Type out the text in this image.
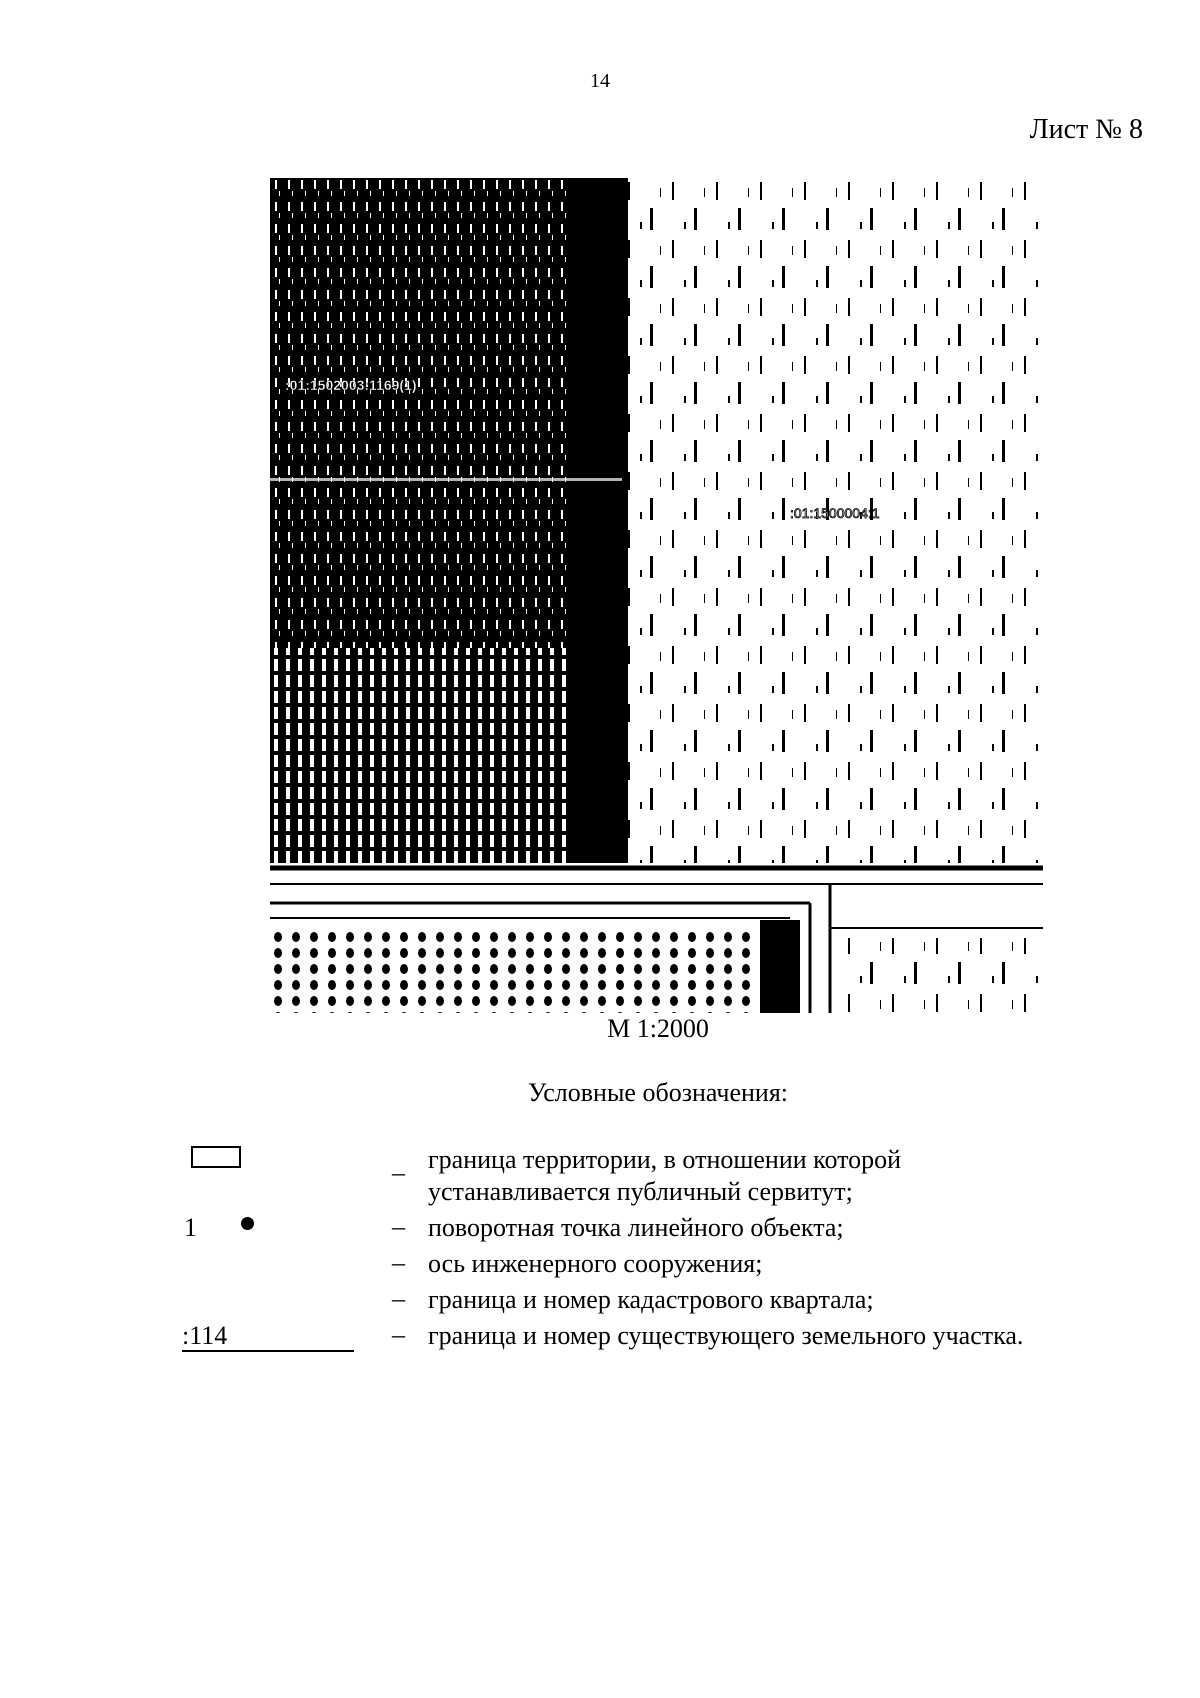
14
Лист № 8
:01:1502003:1169(1)
:01:1500004:1
М 1:2000
Условные обозначения:
1
:114
– граница территории, в отношении которой устанавливается публичный сервитут;
– поворотная точка линейного объекта;
– ось инженерного сооружения;
– граница и номер кадастрового квартала;
– граница и номер существующего земельного участка.
